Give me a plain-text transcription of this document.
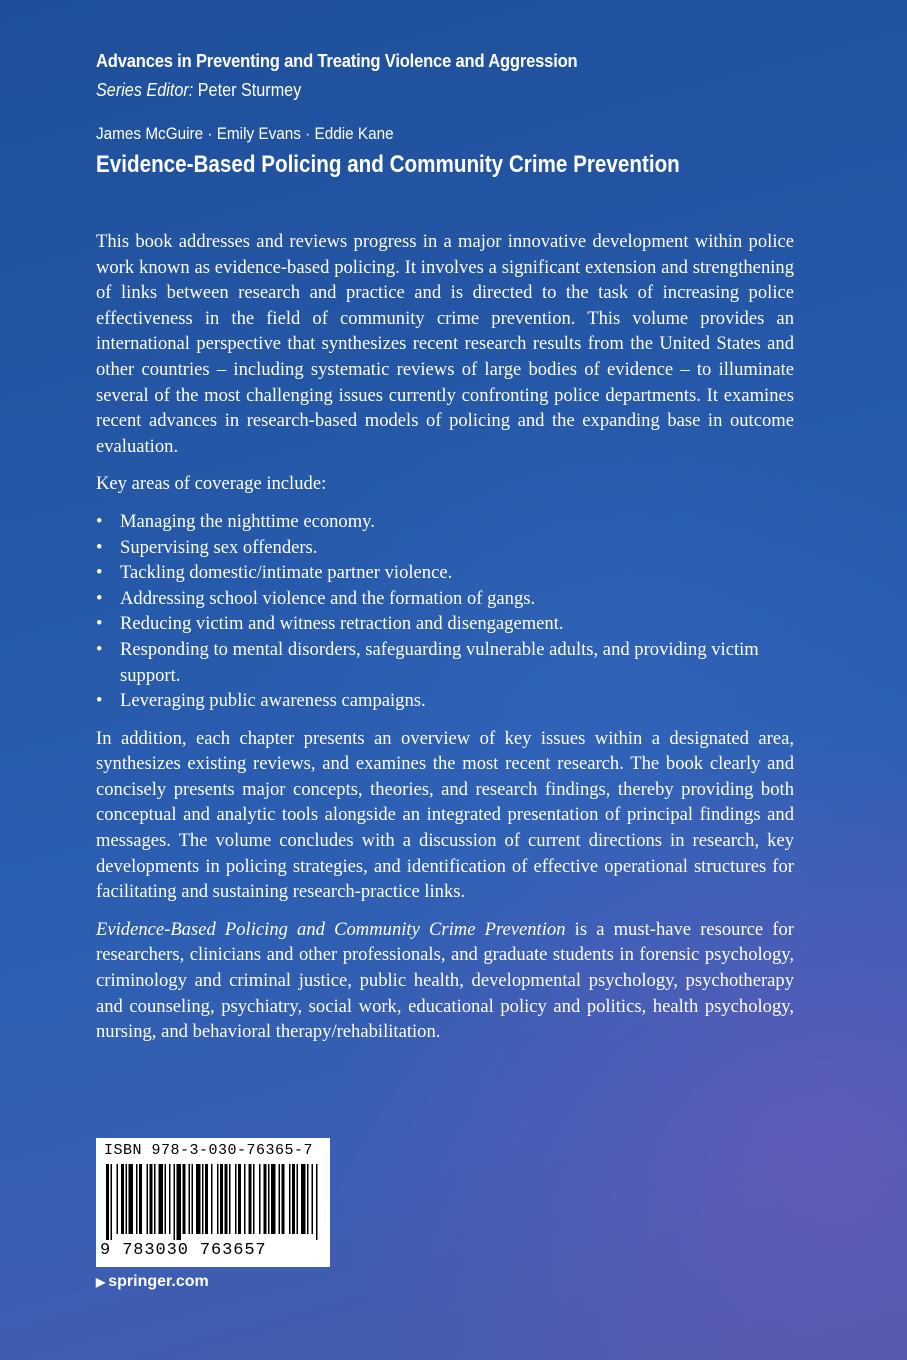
Advances in Preventing and Treating Violence and Aggression
Series Editor: Peter Sturmey
James McGuire · Emily Evans · Eddie Kane
Evidence-Based Policing and Community Crime Prevention

This book addresses and reviews progress in a major innovative development within police work known as evidence-based policing. It involves a significant extension and strengthening of links between research and practice and is directed to the task of increasing police effectiveness in the field of community crime prevention. This volume provides an international perspective that synthesizes recent research results from the United States and other countries – including systematic reviews of large bodies of evidence – to illuminate several of the most challenging issues currently confronting police departments. It examines recent advances in research-based models of policing and the expanding base in outcome evaluation.

Key areas of coverage include:

• Managing the nighttime economy.
• Supervising sex offenders.
• Tackling domestic/intimate partner violence.
• Addressing school violence and the formation of gangs.
• Reducing victim and witness retraction and disengagement.
• Responding to mental disorders, safeguarding vulnerable adults, and providing victim support.
• Leveraging public awareness campaigns.

In addition, each chapter presents an overview of key issues within a designated area, synthesizes existing reviews, and examines the most recent research. The book clearly and concisely presents major concepts, theories, and research findings, thereby providing both conceptual and analytic tools alongside an integrated presentation of principal findings and messages. The volume concludes with a discussion of current directions in research, key developments in policing strategies, and identification of effective operational structures for facilitating and sustaining research-practice links.

Evidence-Based Policing and Community Crime Prevention is a must-have resource for researchers, clinicians and other professionals, and graduate students in forensic psychology, criminology and criminal justice, public health, developmental psychology, psychotherapy and counseling, psychiatry, social work, educational policy and politics, health psychology, nursing, and behavioral therapy/rehabilitation.

ISBN 978-3-030-76365-7
9 783030 763657
▶ springer.com
